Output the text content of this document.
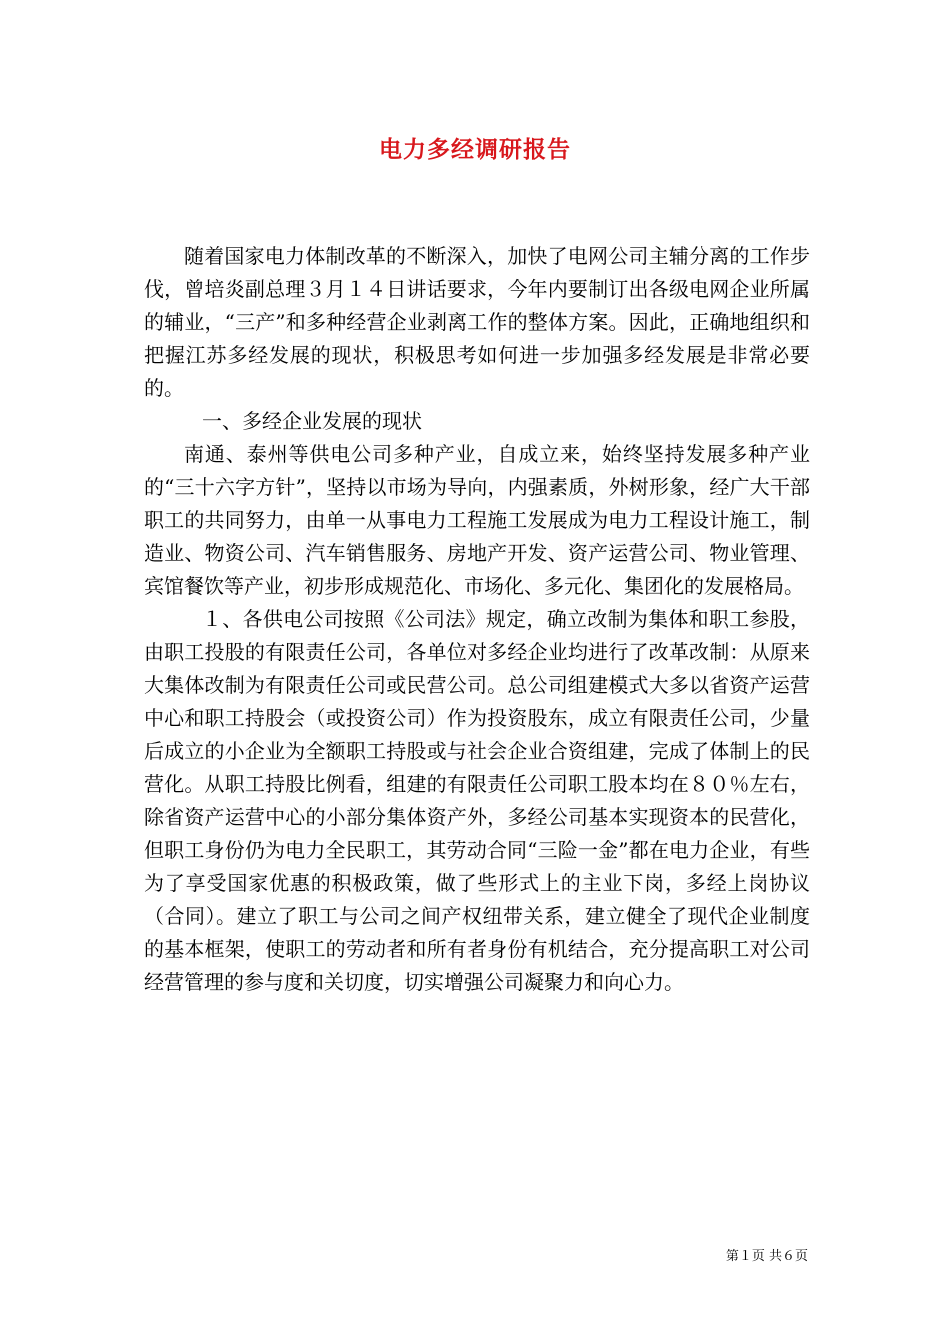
电力多经调研报告

随着国家电力体制改革的不断深入，加快了电网公司主辅分离的工作步伐，曾培炎副总理３月１４日讲话要求，今年内要制订出各级电网企业所属的辅业，“三产”和多种经营企业剥离工作的整体方案。因此，正确地组织和把握江苏多经发展的现状，积极思考如何进一步加强多经发展是非常必要的。

一、多经企业发展的现状

南通、泰州等供电公司多种产业，自成立来，始终坚持发展多种产业的“三十六字方针”，坚持以市场为导向，内强素质，外树形象，经广大干部职工的共同努力，由单一从事电力工程施工发展成为电力工程设计施工，制造业、物资公司、汽车销售服务、房地产开发、资产运营公司、物业管理、宾馆餐饮等产业，初步形成规范化、市场化、多元化、集团化的发展格局。

１、各供电公司按照《公司法》规定，确立改制为集体和职工参股，由职工投股的有限责任公司，各单位对多经企业均进行了改革改制：从原来大集体改制为有限责任公司或民营公司。总公司组建模式大多以省资产运营中心和职工持股会（或投资公司）作为投资股东，成立有限责任公司，少量后成立的小企业为全额职工持股或与社会企业合资组建，完成了体制上的民营化。从职工持股比例看，组建的有限责任公司职工股本均在８０％左右，除省资产运营中心的小部分集体资产外，多经公司基本实现资本的民营化，但职工身份仍为电力全民职工，其劳动合同“三险一金”都在电力企业，有些为了享受国家优惠的积极政策，做了些形式上的主业下岗，多经上岗协议（合同）。建立了职工与公司之间产权纽带关系，建立健全了现代企业制度的基本框架，使职工的劳动者和所有者身份有机结合，充分提高职工对公司经营管理的参与度和关切度，切实增强公司凝聚力和向心力。

第１页 共６页
